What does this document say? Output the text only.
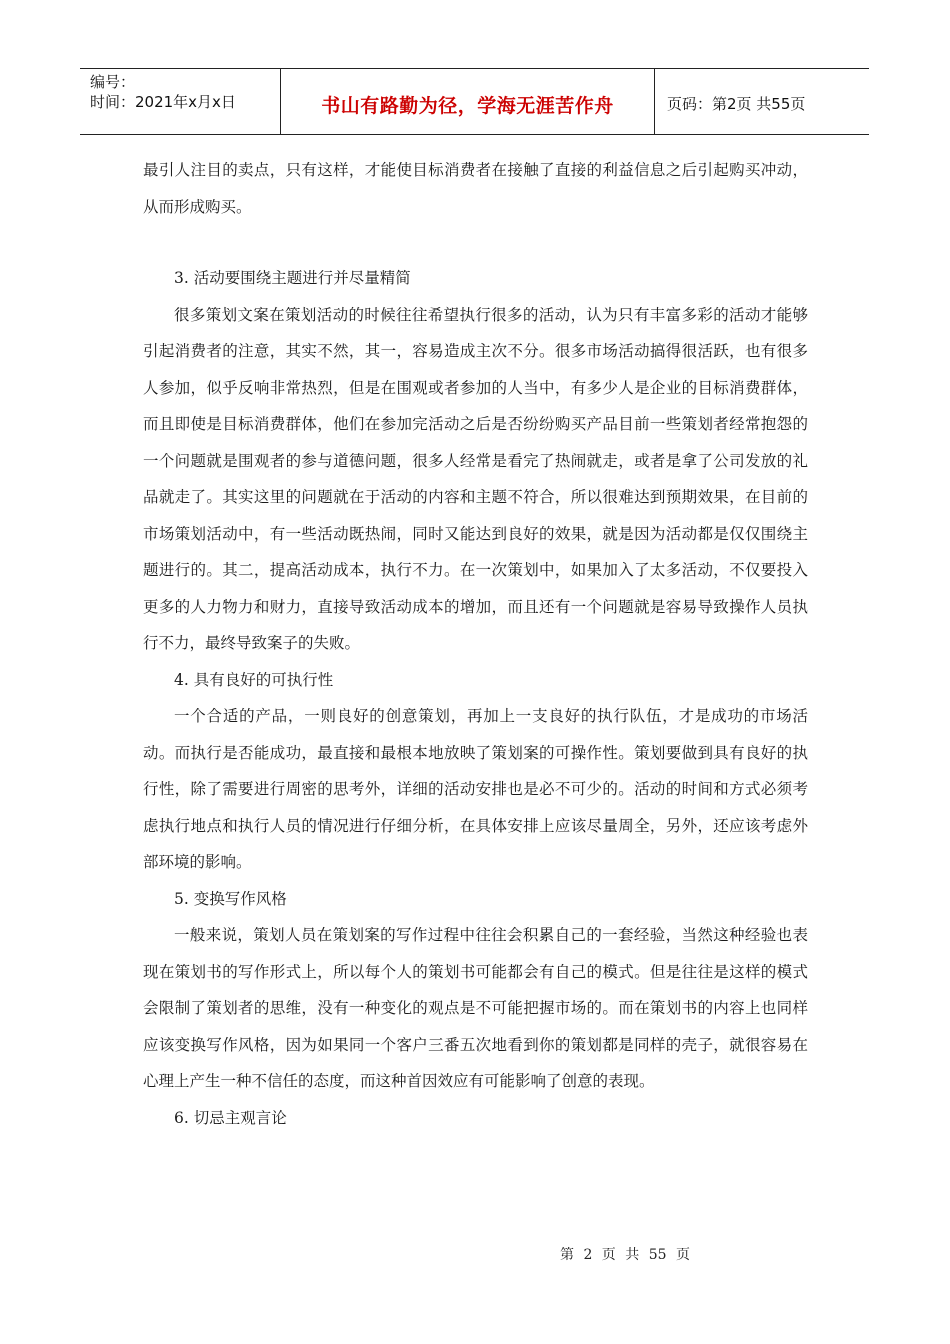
编号：
时间：2021年x月x日	书山有路勤为径，学海无涯苦作舟	页码：第2页 共55页

最引人注目的卖点，只有这样，才能使目标消费者在接触了直接的利益信息之后引起购买冲动，从而形成购买。

3. 活动要围绕主题进行并尽量精简

很多策划文案在策划活动的时候往往希望执行很多的活动，认为只有丰富多彩的活动才能够引起消费者的注意，其实不然，其一，容易造成主次不分。很多市场活动搞得很活跃，也有很多人参加，似乎反响非常热烈，但是在围观或者参加的人当中，有多少人是企业的目标消费群体，而且即使是目标消费群体，他们在参加完活动之后是否纷纷购买产品目前一些策划者经常抱怨的一个问题就是围观者的参与道德问题，很多人经常是看完了热闹就走，或者是拿了公司发放的礼品就走了。其实这里的问题就在于活动的内容和主题不符合，所以很难达到预期效果，在目前的市场策划活动中，有一些活动既热闹，同时又能达到良好的效果，就是因为活动都是仅仅围绕主题进行的。其二，提高活动成本，执行不力。在一次策划中，如果加入了太多活动，不仅要投入更多的人力物力和财力，直接导致活动成本的增加，而且还有一个问题就是容易导致操作人员执行不力，最终导致案子的失败。

4. 具有良好的可执行性

一个合适的产品，一则良好的创意策划，再加上一支良好的执行队伍，才是成功的市场活动。而执行是否能成功，最直接和最根本地放映了策划案的可操作性。策划要做到具有良好的执行性，除了需要进行周密的思考外，详细的活动安排也是必不可少的。活动的时间和方式必须考虑执行地点和执行人员的情况进行仔细分析，在具体安排上应该尽量周全，另外，还应该考虑外部环境的影响。

5. 变换写作风格

一般来说，策划人员在策划案的写作过程中往往会积累自己的一套经验，当然这种经验也表现在策划书的写作形式上，所以每个人的策划书可能都会有自己的模式。但是往往是这样的模式会限制了策划者的思维，没有一种变化的观点是不可能把握市场的。而在策划书的内容上也同样应该变换写作风格，因为如果同一个客户三番五次地看到你的策划都是同样的壳子，就很容易在心理上产生一种不信任的态度，而这种首因效应有可能影响了创意的表现。

6. 切忌主观言论

第 2 页 共 55 页
